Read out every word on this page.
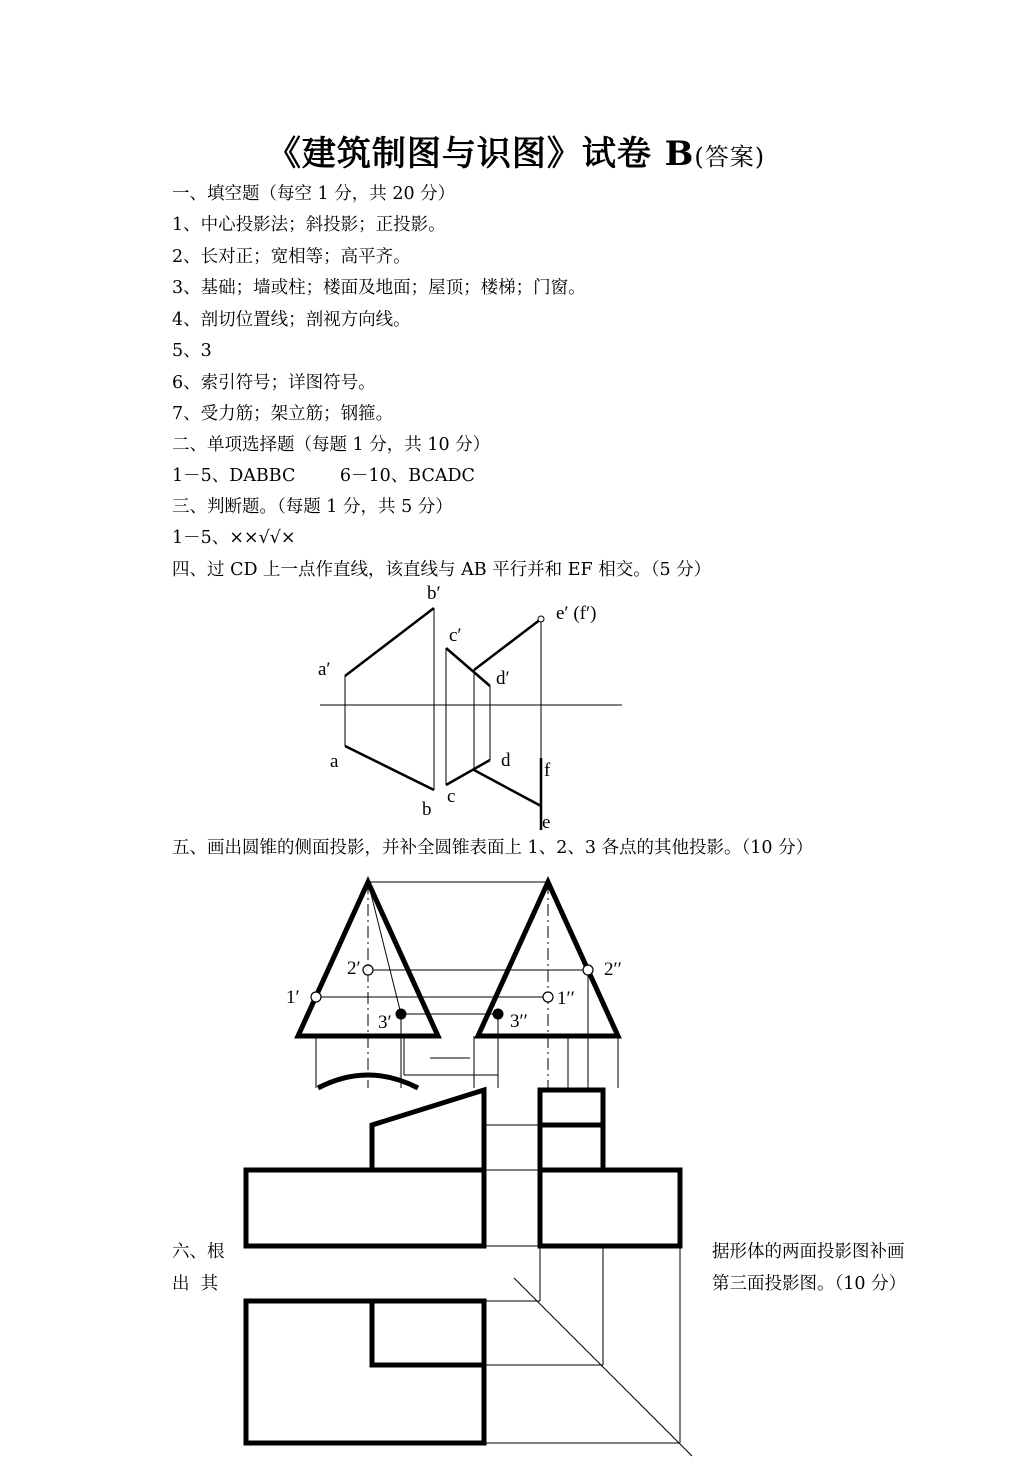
《建筑制图与识图》试卷 B(答案)
一、填空题（每空 1 分，共 20 分）
1、中心投影法；斜投影；正投影。
2、长对正；宽相等；高平齐。
3、基础；墙或柱；楼面及地面；屋顶；楼梯；门窗。
4、剖切位置线；剖视方向线。
5、3
6、索引符号；详图符号。
7、受力筋；架立筋；钢箍。
二、单项选择题（每题 1 分，共 10 分）
1－5、DABBC        6－10、BCADC
三、判断题。（每题 1 分，共 5 分）
1－5、××√√×
四、过 CD 上一点作直线，该直线与 AB 平行并和 EF 相交。（5 分）
五、画出圆锥的侧面投影，并补全圆锥表面上 1、2、3 各点的其他投影。（10 分）
六、根
出  其
据形体的两面投影图补画
第三面投影图。（10 分）
b′
e′ (f′)
c′
a′	d′
a	d f
b
c
e
2′
1′
3′
2′′
1′′
3′′
